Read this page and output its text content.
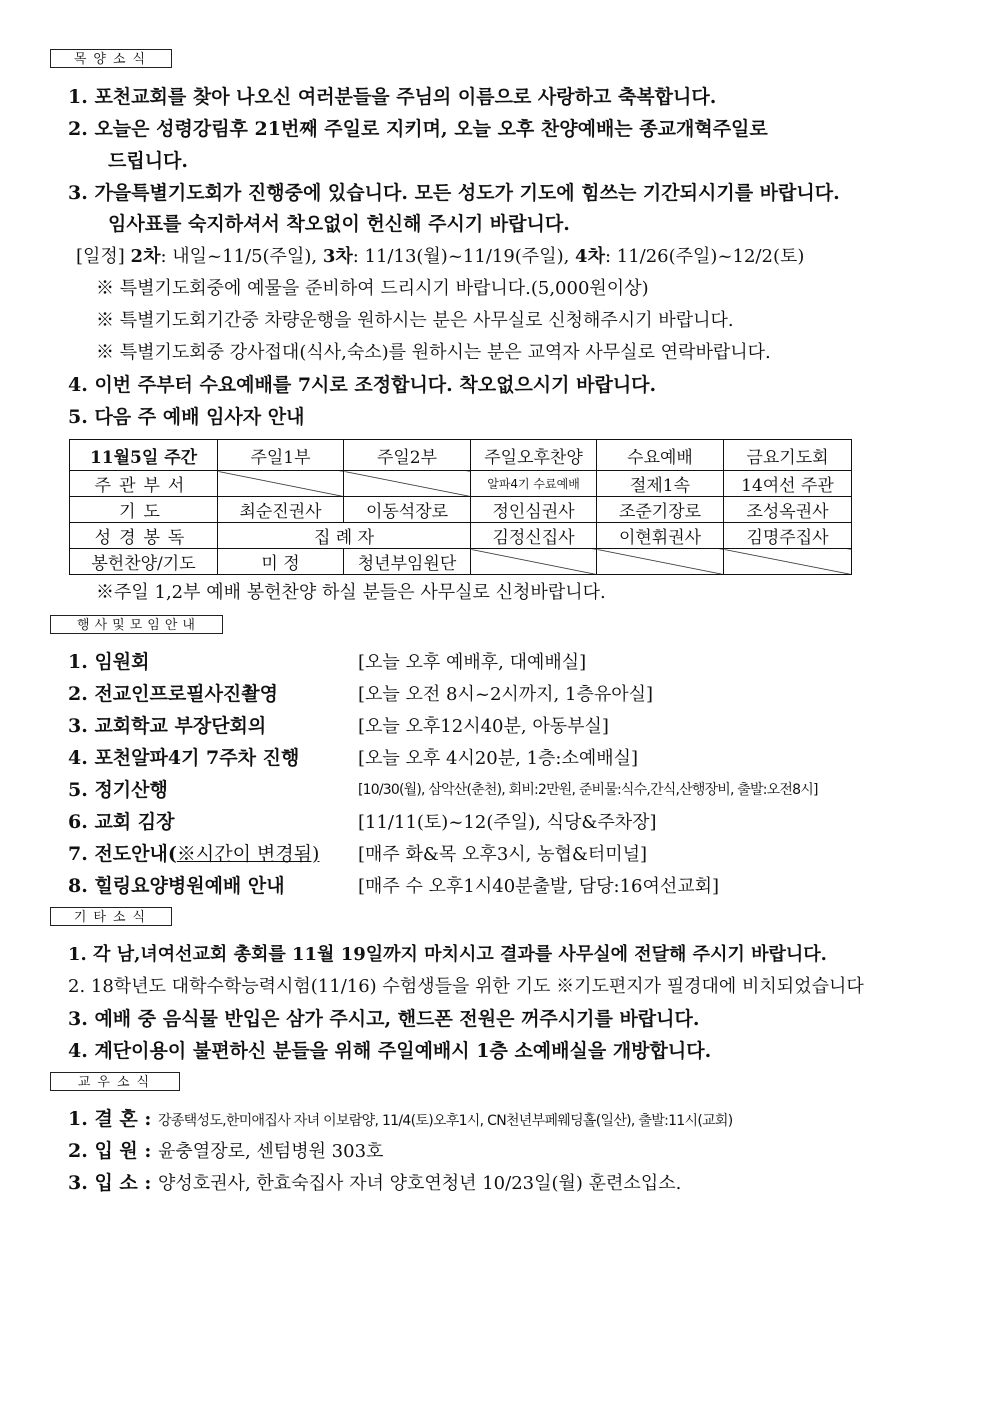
목양소식
1. 포천교회를 찾아 나오신 여러분들을 주님의 이름으로 사랑하고 축복합니다.
2. 오늘은 성령강림후 21번째 주일로 지키며, 오늘 오후 찬양예배는 종교개혁주일로
드립니다.
3. 가을특별기도회가 진행중에 있습니다. 모든 성도가 기도에 힘쓰는 기간되시기를 바랍니다.
임사표를 숙지하셔서 착오없이 헌신해 주시기 바랍니다.
[일정] 2차: 내일~11/5(주일), 3차: 11/13(월)~11/19(주일), 4차: 11/26(주일)~12/2(토)
※ 특별기도회중에 예물을 준비하여 드리시기 바랍니다.(5,000원이상)
※ 특별기도회기간중 차량운행을 원하시는 분은 사무실로 신청해주시기 바랍니다.
※ 특별기도회중 강사접대(식사,숙소)를 원하시는 분은 교역자 사무실로 연락바랍니다.
4. 이번 주부터 수요예배를 7시로 조정합니다. 착오없으시기 바랍니다.
5. 다음 주 예배 임사자 안내
11월5일 주간	주일1부	주일2부	주일오후찬양	수요예배	금요기도회
주관부서			알파4기 수료예배	절제1속	14여선 주관
기도	최순진권사	이동석장로	정인심권사	조준기장로	조성옥권사
성경봉독	집 례 자		김정신집사	이현휘권사	김명주집사
봉헌찬양/기도	미 정	청년부임원단			
※주일 1,2부 예배 봉헌찬양 하실 분들은 사무실로 신청바랍니다.
행사및모임안내
1. 임원회	[오늘 오후 예배후, 대예배실]
2. 전교인프로필사진촬영	[오늘 오전 8시~2시까지, 1층유아실]
3. 교회학교 부장단회의	[오늘 오후12시40분, 아동부실]
4. 포천알파4기 7주차 진행	[오늘 오후 4시20분, 1층:소예배실]
5. 정기산행	[10/30(월), 삼악산(춘천), 회비:2만원, 준비물:식수,간식,산행장비, 출발:오전8시]
6. 교회 김장	[11/11(토)~12(주일), 식당&주차장]
7. 전도안내(※시간이 변경됨) [매주 화&목 오후3시, 농협&터미널]
8. 힐링요양병원예배 안내	[매주 수 오후1시40분출발, 담당:16여선교회]
기타소식
1. 각 남,녀여선교회 총회를 11월 19일까지 마치시고 결과를 사무실에 전달해 주시기 바랍니다.
2. 18학년도 대학수학능력시험(11/16) 수험생들을 위한 기도 ※기도편지가 필경대에 비치되었습니다
3. 예배 중 음식물 반입은 삼가 주시고, 핸드폰 전원은 꺼주시기를 바랍니다.
4. 계단이용이 불편하신 분들을 위해 주일예배시 1층 소예배실을 개방합니다.
교우소식
1. 결 혼 : 강종택성도,한미애집사 자녀 이보람양, 11/4(토)오후1시, CN천년부페웨딩홀(일산), 출발:11시(교회)
2. 입 원 : 윤충열장로, 센텀병원 303호
3. 입 소 : 양성호권사, 한효숙집사 자녀 양호연청년 10/23일(월) 훈련소입소.
